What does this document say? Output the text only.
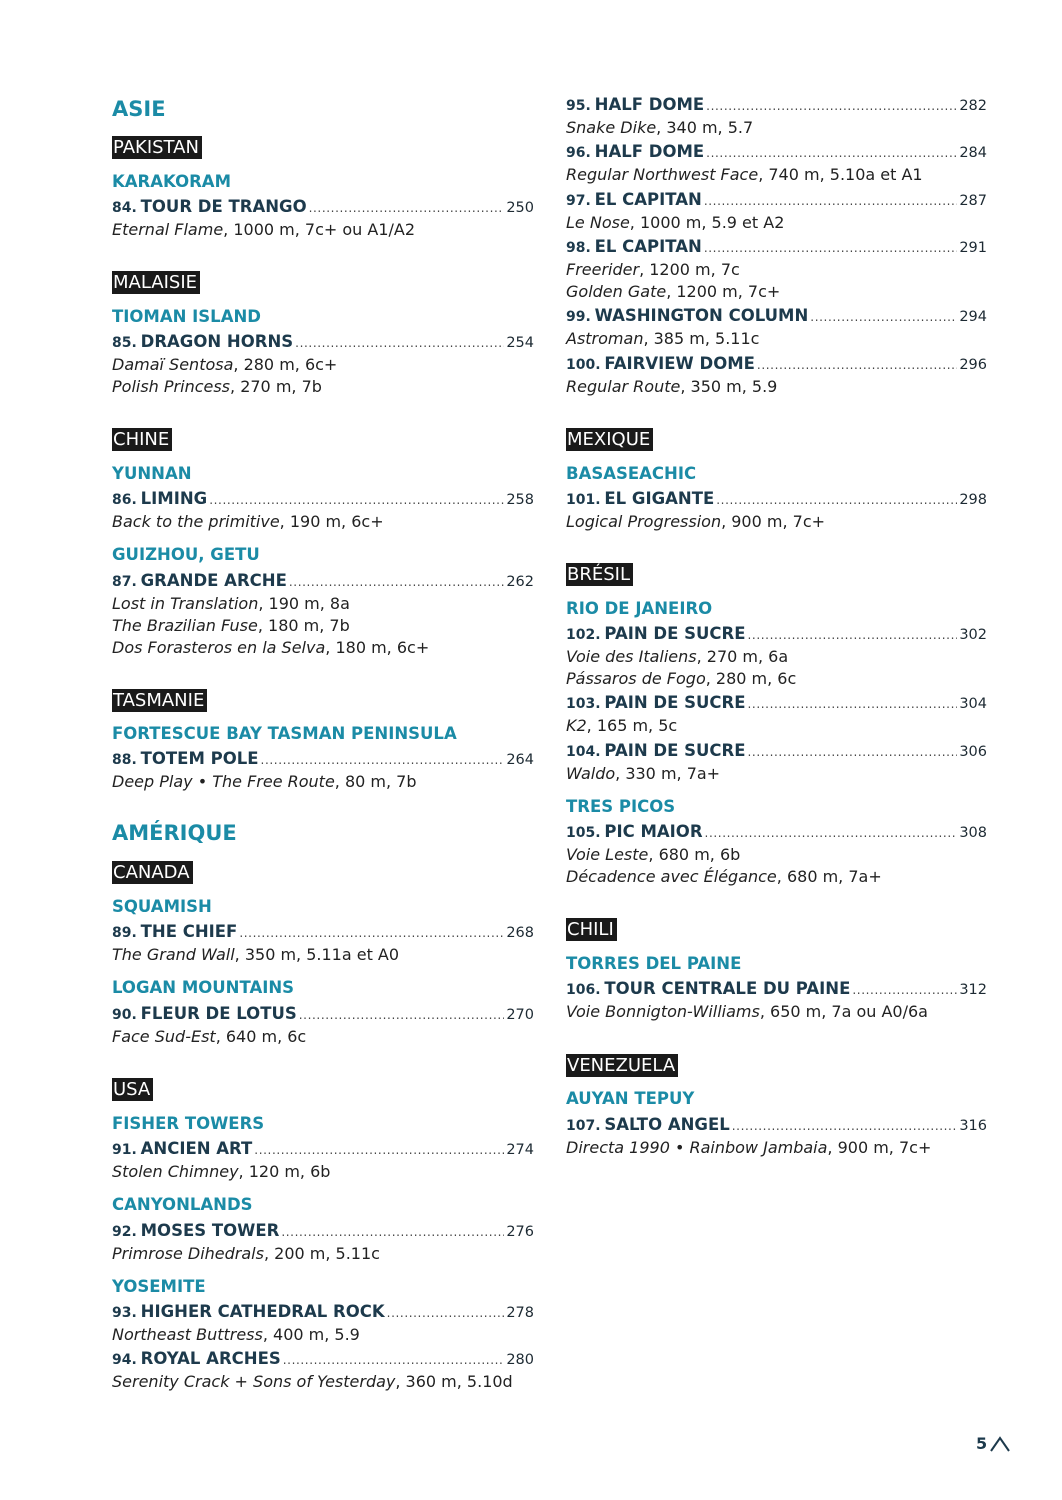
ASIE
PAKISTAN
KARAKORAM
84.
TOUR DE TRANGO .....	250
Eternal Flame, 1000 m, 7c+ ou A1/A2
MALAISIE
TIOMAN ISLAND
85.
DRAGON HORNS .....	254
Damaï Sentosa, 280 m, 6c+
Polish Princess, 270 m, 7b
CHINE
YUNNAN
86.
LIMING .....	258
Back to the primitive, 190 m, 6c+
GUIZHOU, GETU
87.
GRANDE ARCHE .....	262
Lost in Translation, 190 m, 8a
The Brazilian Fuse, 180 m, 7b
Dos Forasteros en la Selva, 180 m, 6c+
TASMANIE
FORTESCUE BAY TASMAN PENINSULA
88.
TOTEM POLE .....	264
Deep Play • The Free Route, 80 m, 7b
AMÉRIQUE
CANADA
SQUAMISH
89.
THE CHIEF .....	268
The Grand Wall, 350 m, 5.11a et A0
LOGAN MOUNTAINS
90.
FLEUR DE LOTUS .....	270
Face Sud-Est, 640 m, 6c
USA
FISHER TOWERS
91.
ANCIEN ART .....	274
Stolen Chimney, 120 m, 6b
CANYONLANDS
92.
MOSES TOWER .....	276
Primrose Dihedrals, 200 m, 5.11c
YOSEMITE
93.
HIGHER CATHEDRAL ROCK .....	278
Northeast Buttress, 400 m, 5.9
94.
ROYAL ARCHES .....	280
Serenity Crack + Sons of Yesterday, 360 m, 5.10d
95.
HALF DOME .....	282
Snake Dike, 340 m, 5.7
96.
HALF DOME .....	284
Regular Northwest Face, 740 m, 5.10a et A1
97.
EL CAPITAN .....	287
Le Nose, 1000 m, 5.9 et A2
98.
EL CAPITAN .....	291
Freerider, 1200 m, 7c
Golden Gate, 1200 m, 7c+
99.
WASHINGTON COLUMN .....	294
Astroman, 385 m, 5.11c
100.
FAIRVIEW DOME .....	296
Regular Route, 350 m, 5.9
MEXIQUE
BASASEACHIC
101.
EL GIGANTE .....	298
Logical Progression, 900 m, 7c+
BRÉSIL
RIO DE JANEIRO
102.
PAIN DE SUCRE .....	302
Voie des Italiens, 270 m, 6a
Pássaros de Fogo, 280 m, 6c
103.
PAIN DE SUCRE .....	304
K2, 165 m, 5c
104.
PAIN DE SUCRE .....	306
Waldo, 330 m, 7a+
TRES PICOS
105.
PIC MAIOR .....	308
Voie Leste, 680 m, 6b
Décadence avec Élégance, 680 m, 7a+
CHILI
TORRES DEL PAINE
106.
TOUR CENTRALE DU PAINE .....	312
Voie Bonnigton-Williams, 650 m, 7a ou A0/6a
VENEZUELA
AUYAN TEPUY
107.
SALTO ANGEL .....	316
Directa 1990 • Rainbow Jambaia, 900 m, 7c+
5
